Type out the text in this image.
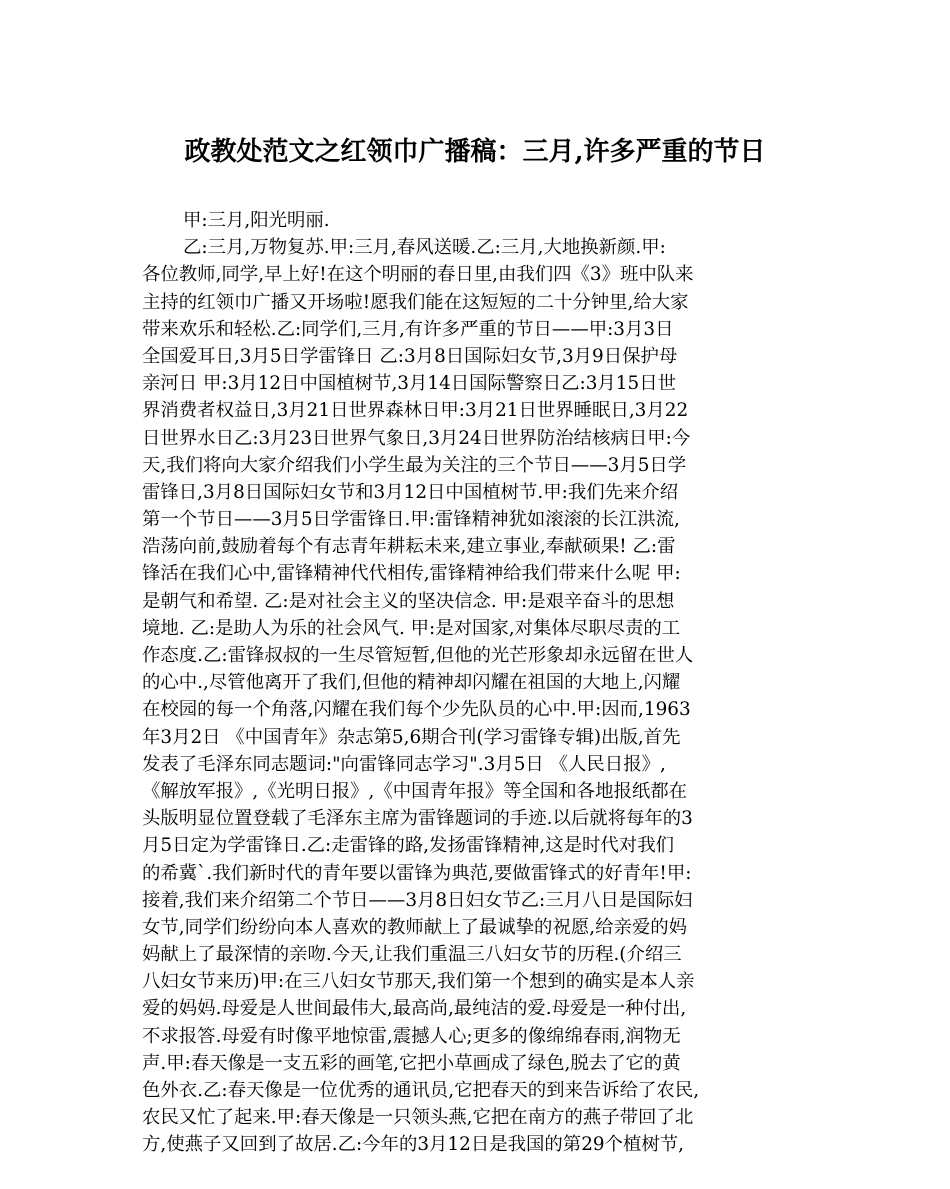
政教处范文之红领巾广播稿：三月,许多严重的节日
甲:三月,阳光明丽.
乙:三月,万物复苏.甲:三月,春风送暖.乙:三月,大地换新颜.甲:
各位教师,同学,早上好!在这个明丽的春日里,由我们四《3》班中队来
主持的红领巾广播又开场啦!愿我们能在这短短的二十分钟里,给大家
带来欢乐和轻松.乙:同学们,三月,有许多严重的节日——甲:3月3日
全国爱耳日,3月5日学雷锋日 乙:3月8日国际妇女节,3月9日保护母
亲河日 甲:3月12日中国植树节,3月14日国际警察日乙:3月15日世
界消费者权益日,3月21日世界森林日甲:3月21日世界睡眠日,3月22
日世界水日乙:3月23日世界气象日,3月24日世界防治结核病日甲:今
天,我们将向大家介绍我们小学生最为关注的三个节日——3月5日学
雷锋日,3月8日国际妇女节和3月12日中国植树节.甲:我们先来介绍
第一个节日——3月5日学雷锋日.甲:雷锋精神犹如滚滚的长江洪流,
浩荡向前,鼓励着每个有志青年耕耘未来,建立事业,奉献硕果! 乙:雷
锋活在我们心中,雷锋精神代代相传,雷锋精神给我们带来什么呢 甲:
是朝气和希望. 乙:是对社会主义的坚决信念. 甲:是艰辛奋斗的思想
境地. 乙:是助人为乐的社会风气. 甲:是对国家,对集体尽职尽责的工
作态度.乙:雷锋叔叔的一生尽管短暂,但他的光芒形象却永远留在世人
的心中.,尽管他离开了我们,但他的精神却闪耀在祖国的大地上,闪耀
在校园的每一个角落,闪耀在我们每个少先队员的心中.甲:因而,1963
年3月2日 《中国青年》杂志第5,6期合刊(学习雷锋专辑)出版,首先
发表了毛泽东同志题词:"向雷锋同志学习".3月5日 《人民日报》,
《解放军报》,《光明日报》,《中国青年报》等全国和各地报纸都在
头版明显位置登载了毛泽东主席为雷锋题词的手迹.以后就将每年的3
月5日定为学雷锋日.乙:走雷锋的路,发扬雷锋精神,这是时代对我们
的希冀`.我们新时代的青年要以雷锋为典范,要做雷锋式的好青年!甲:
接着,我们来介绍第二个节日——3月8日妇女节乙:三月八日是国际妇
女节,同学们纷纷向本人喜欢的教师献上了最诚挚的祝愿,给亲爱的妈
妈献上了最深情的亲吻.今天,让我们重温三八妇女节的历程.(介绍三
八妇女节来历)甲:在三八妇女节那天,我们第一个想到的确实是本人亲
爱的妈妈.母爱是人世间最伟大,最高尚,最纯洁的爱.母爱是一种付出,
不求报答.母爱有时像平地惊雷,震撼人心;更多的像绵绵春雨,润物无
声.甲:春天像是一支五彩的画笔,它把小草画成了绿色,脱去了它的黄
色外衣.乙:春天像是一位优秀的通讯员,它把春天的到来告诉给了农民,
农民又忙了起来.甲:春天像是一只领头燕,它把在南方的燕子带回了北
方,使燕子又回到了故居.乙:今年的3月12日是我国的第29个植树节,
